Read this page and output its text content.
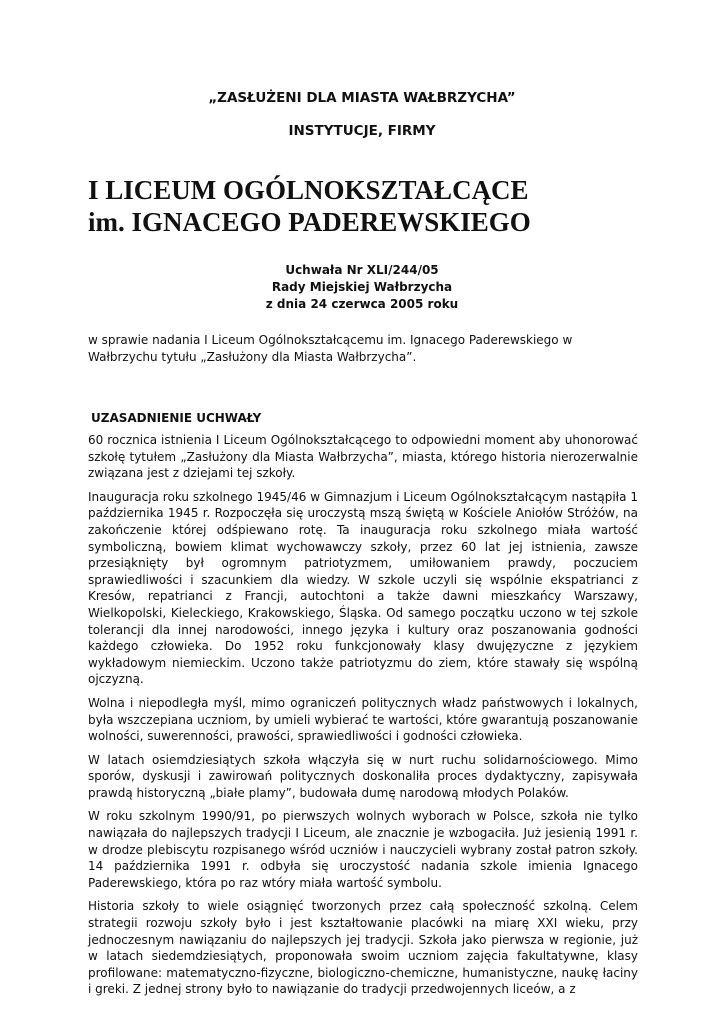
„ZASŁUŻENI DLA MIASTA WAŁBRZYCHA”
INSTYTUCJE, FIRMY
I LICEUM OGÓLNOKSZTAŁCĄCE
im. IGNACEGO PADEREWSKIEGO
Uchwała Nr XLI/244/05
Rady Miejskiej Wałbrzycha
z dnia 24 czerwca 2005 roku
w sprawie nadania I Liceum Ogólnokształcącemu im. Ignacego Paderewskiego w Wałbrzychu tytułu „Zasłużony dla Miasta Wałbrzycha”.
UZASADNIENIE UCHWAŁY

60 rocznica istnienia I Liceum Ogólnokształcącego to odpowiedni moment aby uhonorować szkołę tytułem „Zasłużony dla Miasta Wałbrzycha”, miasta, którego historia nierozerwalnie związana jest z dziejami tej szkoły.

Inauguracja roku szkolnego 1945/46 w Gimnazjum i Liceum Ogólnokształcącym nastąpiła 1 października 1945 r. Rozpoczęła się uroczystą mszą świętą w Kościele Aniołów Stróżów, na zakończenie której odśpiewano rotę. Ta inauguracja roku szkolnego miała wartość symboliczną, bowiem klimat wychowawczy szkoły, przez 60 lat jej istnienia, zawsze przesiąknięty był ogromnym patriotyzmem, umiłowaniem prawdy, poczuciem sprawiedliwości i szacunkiem dla wiedzy. W szkole uczyli się wspólnie ekspatrianci z Kresów, repatrianci z Francji, autochtoni a także dawni mieszkańcy Warszawy, Wielkopolski, Kieleckiego, Krakowskiego, Śląska. Od samego początku uczono w tej szkole tolerancji dla innej narodowości, innego języka i kultury oraz poszanowania godności każdego człowieka. Do 1952 roku funkcjonowały klasy dwujęzyczne z językiem wykładowym niemieckim. Uczono także patriotyzmu do ziem, które stawały się wspólną ojczyzną.

Wolna i niepodległa myśl, mimo ograniczeń politycznych władz państwowych i lokalnych, była wszczepiana uczniom, by umieli wybierać te wartości, które gwarantują poszanowanie wolności, suwerenności, prawości, sprawiedliwości i godności człowieka.

W latach osiemdziesiątych szkoła włączyła się w nurt ruchu solidarnościowego. Mimo sporów, dyskusji i zawirowań politycznych doskonaliła proces dydaktyczny, zapisywała prawdą historyczną „białe plamy”, budowała dumę narodową młodych Polaków.

W roku szkolnym 1990/91, po pierwszych wolnych wyborach w Polsce, szkoła nie tylko nawiązała do najlepszych tradycji I Liceum, ale znacznie je wzbogaciła. Już jesienią 1991 r. w drodze plebiscytu rozpisanego wśród uczniów i nauczycieli wybrany został patron szkoły. 14 października 1991 r. odbyła się uroczystość nadania szkole imienia Ignacego Paderewskiego, która po raz wtóry miała wartość symbolu.

Historia szkoły to wiele osiągnięć tworzonych przez całą społeczność szkolną. Celem strategii rozwoju szkoły było i jest kształtowanie placówki na miarę XXI wieku, przy jednoczesnym nawiązaniu do najlepszych jej tradycji. Szkoła jako pierwsza w regionie, już w latach siedemdziesiątych, proponowała swoim uczniom zajęcia fakultatywne, klasy profilowane: matematyczno-fizyczne, biologiczno-chemiczne, humanistyczne, naukę łaciny i greki. Z jednej strony było to nawiązanie do tradycji przedwojennych liceów, a z
